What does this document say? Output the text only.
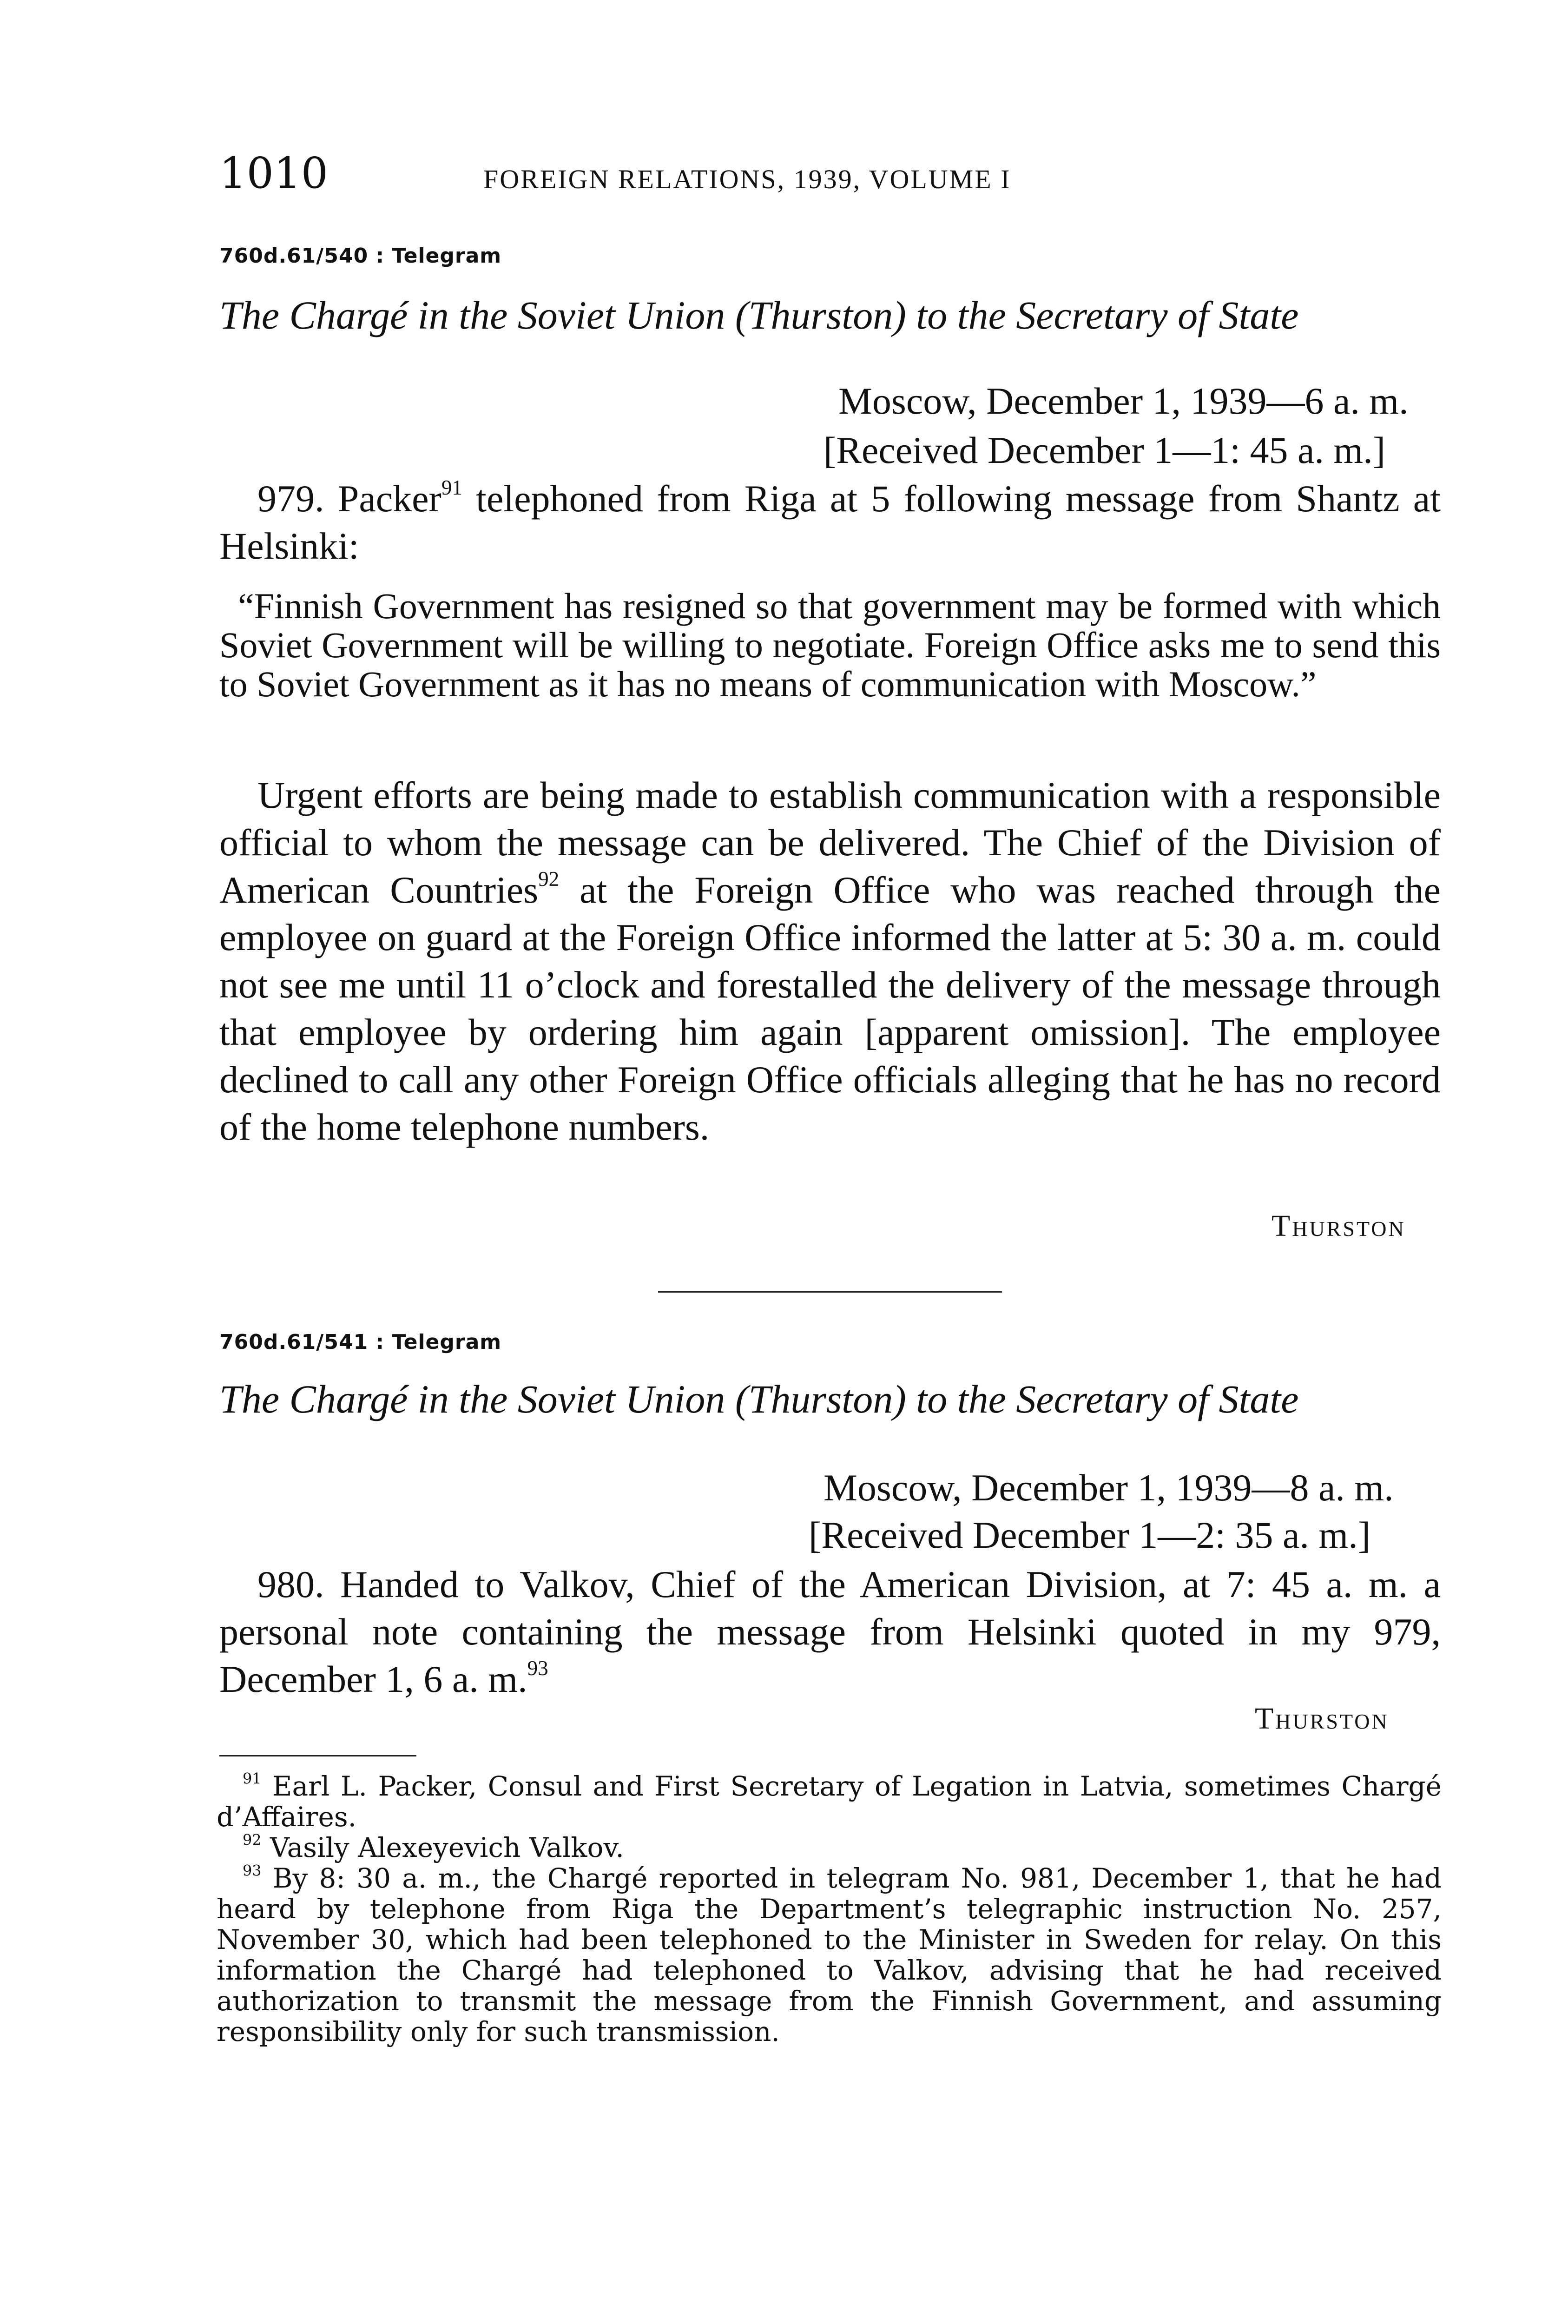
1010	FOREIGN RELATIONS, 1939, VOLUME I
760d.61/540 : Telegram
The Chargé in the Soviet Union (Thurston) to the Secretary of State
Moscow, December 1, 1939—6 a. m.
[Received December 1—1: 45 a. m.]

979. Packer$^{91}$ telephoned from Riga at 5 following message from Shantz at Helsinki:

“Finnish Government has resigned so that government may be formed with which Soviet Government will be willing to negotiate. Foreign Office asks me to send this to Soviet Government as it has no means of communication with Moscow.”

Urgent efforts are being made to establish communication with a responsible official to whom the message can be delivered. The Chief of the Division of American Countries$^{92}$ at the Foreign Office who was reached through the employee on guard at the Foreign Office informed the latter at 5: 30 a. m. could not see me until 11 o’clock and forestalled the delivery of the message through that employee by ordering him again [apparent omission]. The employee declined to call any other Foreign Office officials alleging that he has no record of the home telephone numbers.

Thurston
760d.61/541 : Telegram
The Chargé in the Soviet Union (Thurston) to the Secretary of State
Moscow, December 1, 1939—8 a. m.
[Received December 1—2: 35 a. m.]

980. Handed to Valkov, Chief of the American Division, at 7: 45 a. m. a personal note containing the message from Helsinki quoted in my 979, December 1, 6 a. m.$^{93}$

Thurston

$^{91}$ Earl L. Packer, Consul and First Secretary of Legation in Latvia, sometimes Chargé d’Affaires.

$^{92}$ Vasily Alexeyevich Valkov.

$^{93}$ By 8: 30 a. m., the Chargé reported in telegram No. 981, December 1, that he had heard by telephone from Riga the Department’s telegraphic instruction No. 257, November 30, which had been telephoned to the Minister in Sweden for relay. On this information the Chargé had telephoned to Valkov, advising that he had received authorization to transmit the message from the Finnish Government, and assuming responsibility only for such transmission.
